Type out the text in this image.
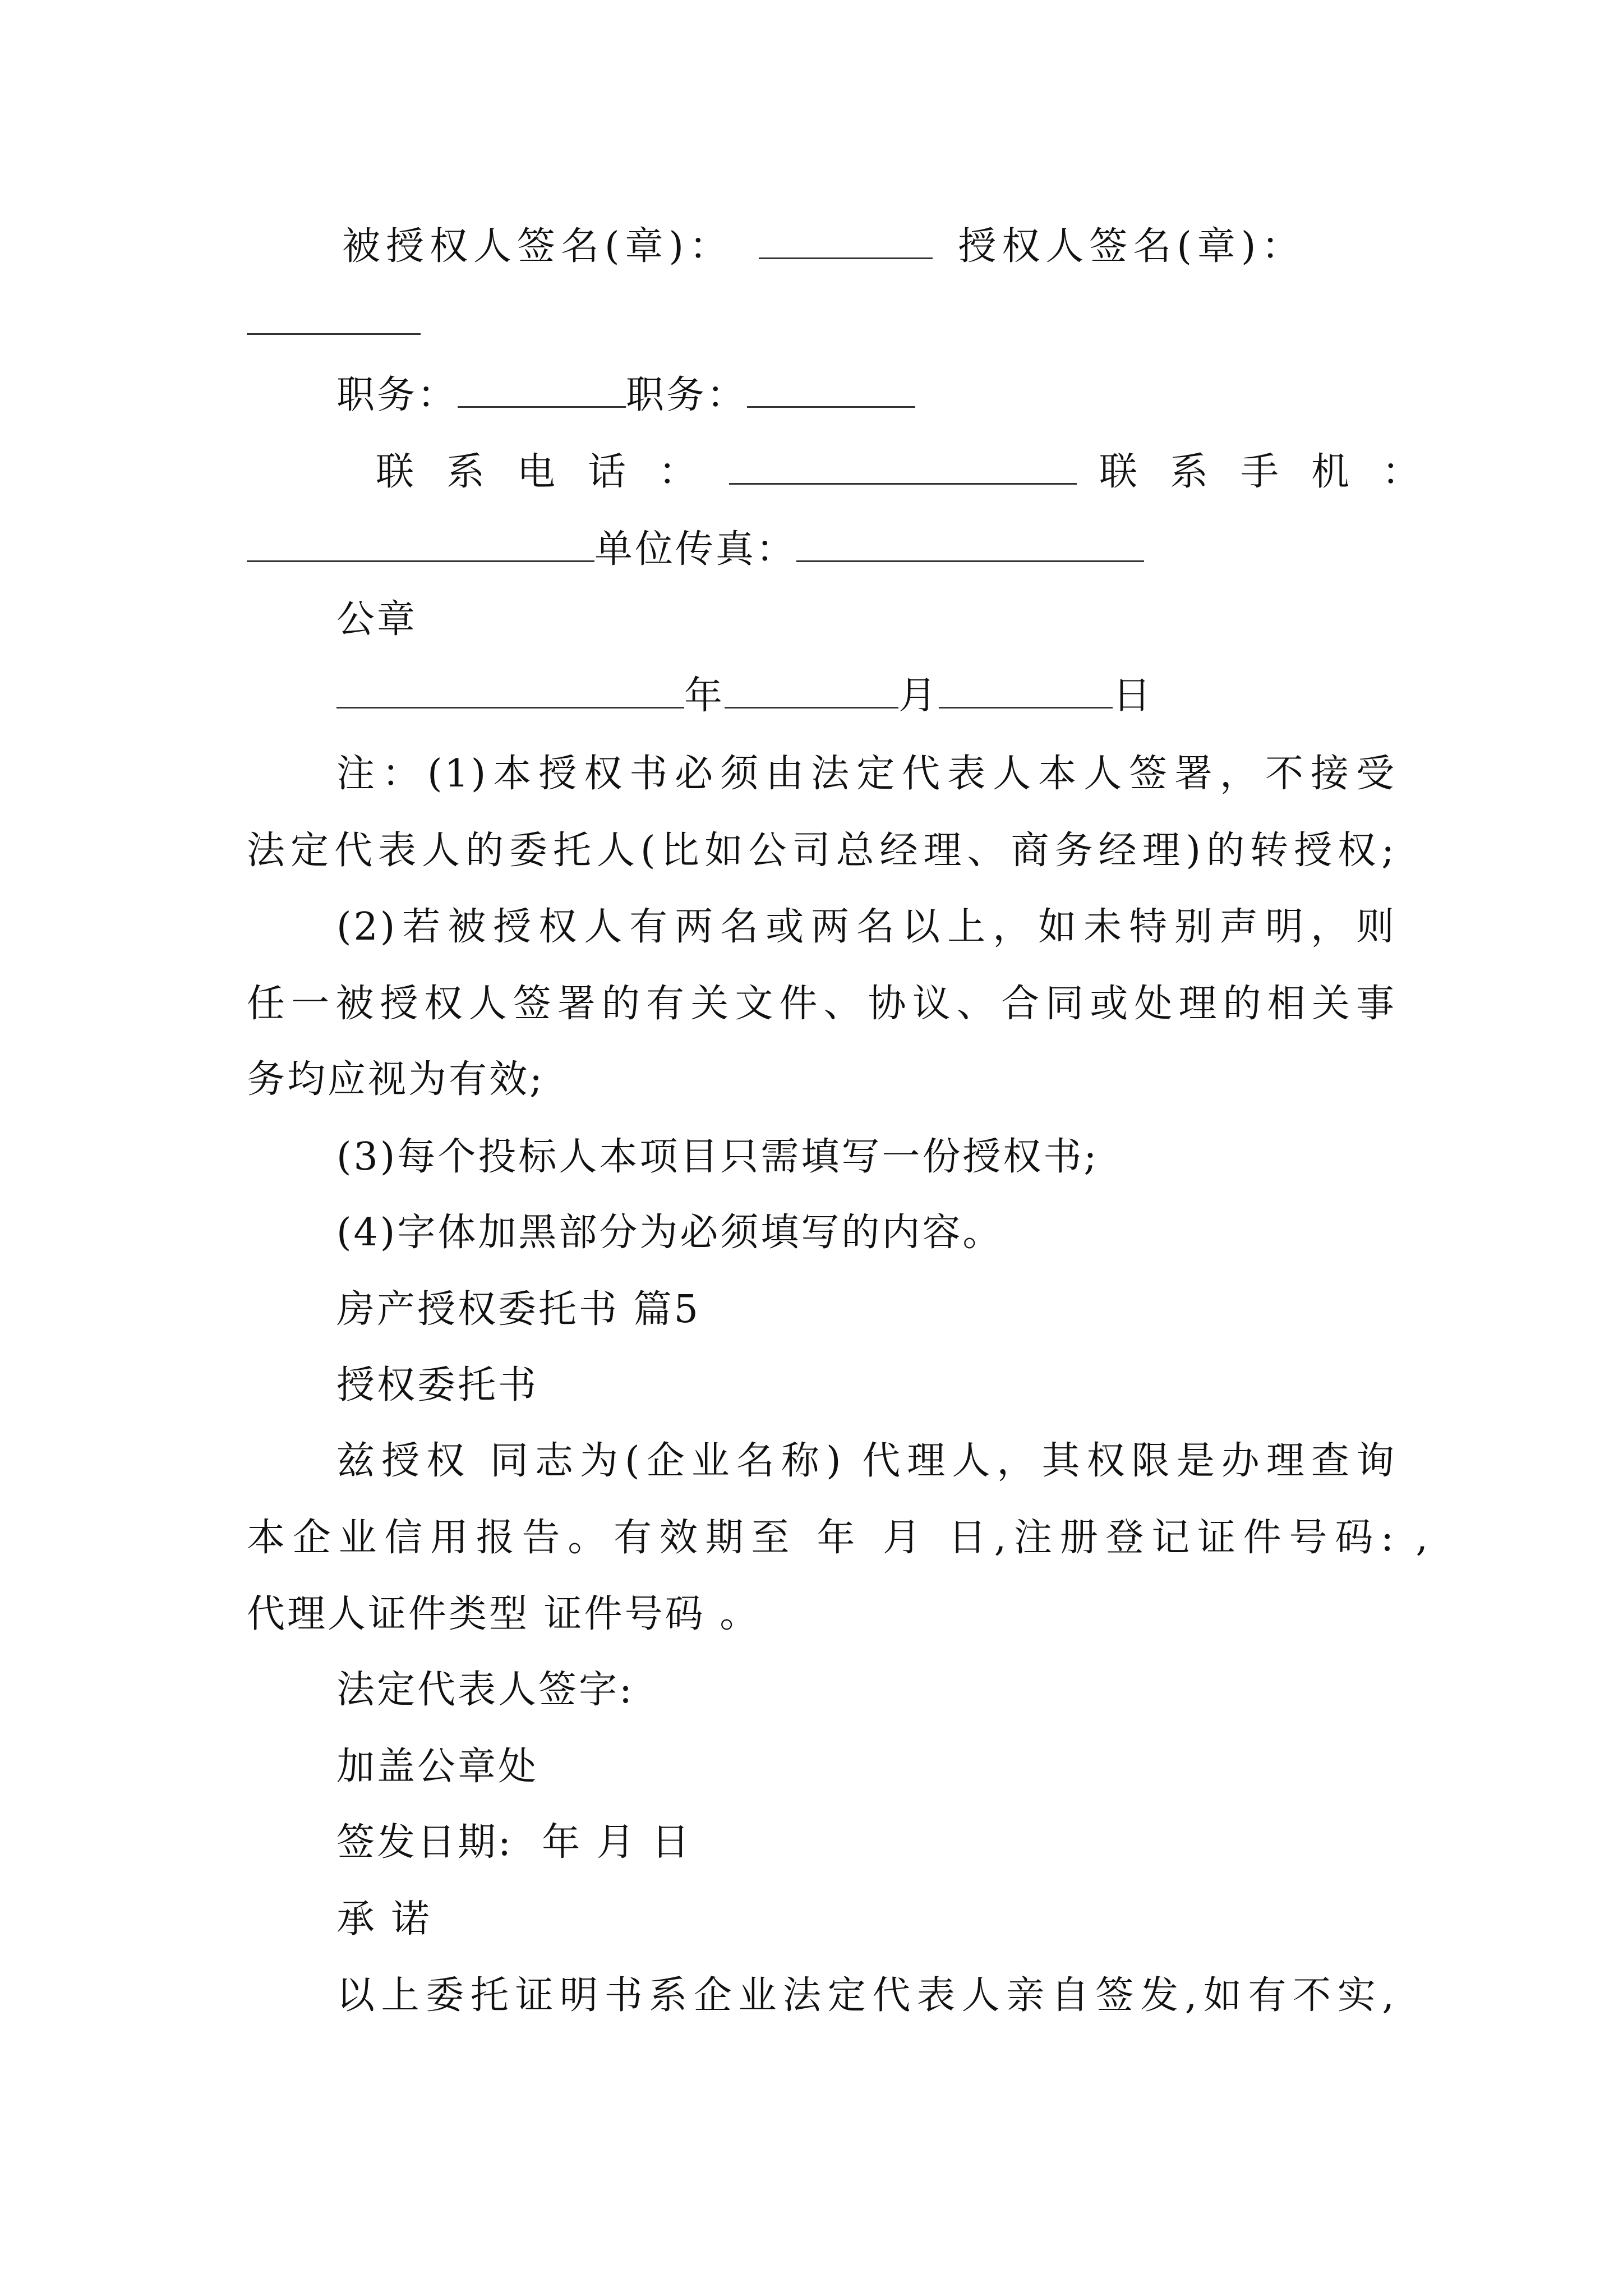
被授权人签名(章)：	授权人签名(章)：
职务：	职务：
联系电话：	联系手机：
单位传真：
公章
年	月	日
注：(1)本授权书必须由法定代表人本人签署，不接受
法定代表人的委托人(比如公司总经理、商务经理)的转授权;
(2)若被授权人有两名或两名以上，如未特别声明，则
任一被授权人签署的有关文件、协议、合同或处理的相关事
务均应视为有效;
(3)每个投标人本项目只需填写一份授权书;
(4)字体加黑部分为必须填写的内容。
房产授权委托书 篇5
授权委托书
兹授权 同志为(企业名称) 代理人，其权限是办理查询
本企业信用报告。有效期至 年 月 日,注册登记证件号码: ,
代理人证件类型 证件号码 。
法定代表人签字:
加盖公章处
签发日期:  年 月 日
承 诺
以上委托证明书系企业法定代表人亲自签发,如有不实,
